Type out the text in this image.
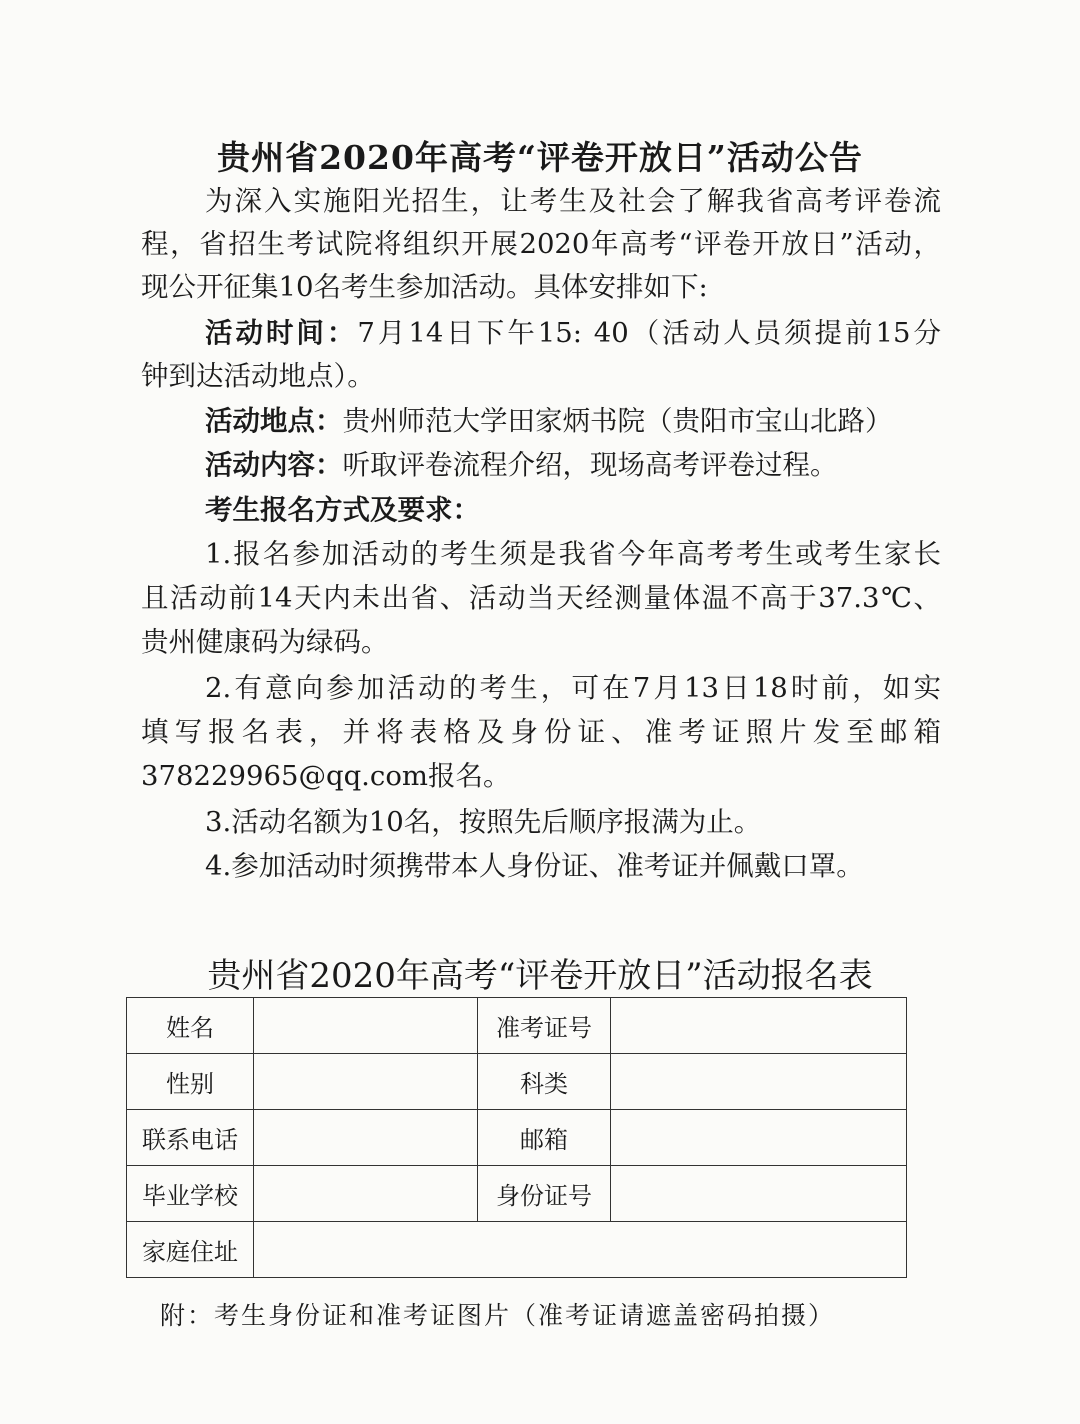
贵州省2020年高考“评卷开放日”活动公告
为深入实施阳光招生，让考生及社会了解我省高考评卷流
程，省招生考试院将组织开展2020年高考“评卷开放日”活动，
现公开征集10名考生参加活动。具体安排如下:
活动时间：7月14日下午15: 40（活动人员须提前15分
钟到达活动地点）。
活动地点：贵州师范大学田家炳书院（贵阳市宝山北路）
活动内容：听取评卷流程介绍，现场高考评卷过程。
考生报名方式及要求：
1.报名参加活动的考生须是我省今年高考考生或考生家长
且活动前14天内未出省、活动当天经测量体温不高于37.3℃、
贵州健康码为绿码。
2.有意向参加活动的考生，可在7月13日18时前，如实
填写报名表，并将表格及身份证、准考证照片发至邮箱
378229965@qq.com报名。
3.活动名额为10名，按照先后顺序报满为止。
4.参加活动时须携带本人身份证、准考证并佩戴口罩。
贵州省2020年高考“评卷开放日”活动报名表
姓名		准考证号	
性别		科类	
联系电话		邮箱	
毕业学校		身份证号	
家庭住址			
附：考生身份证和准考证图片（准考证请遮盖密码拍摄）
